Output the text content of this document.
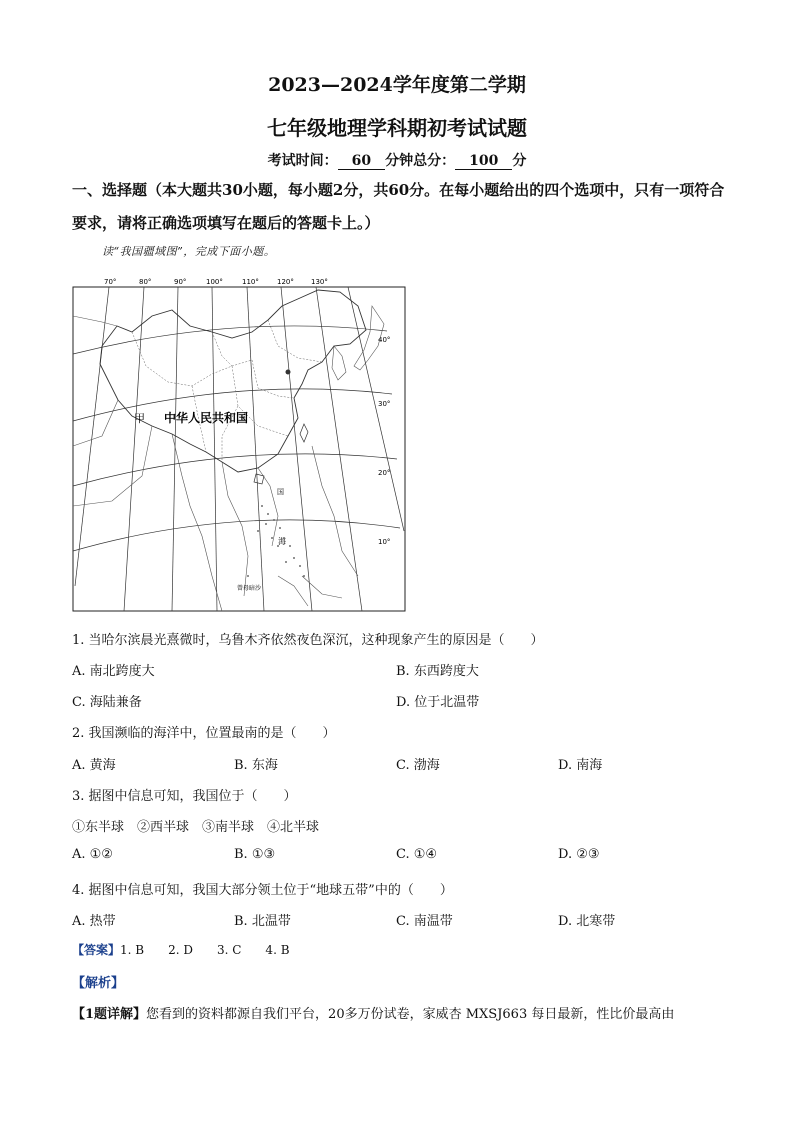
2023—2024学年度第二学期
七年级地理学科期初考试试题
考试时间： 60 分钟总分： 100 分
一、选择题（本大题共30小题，每小题2分，共60分。在每小题给出的四个选项中，只有一项符合要求，请将正确选项填写在题后的答题卡上。）
读“我国疆域图”，完成下面小题。
70°	80°	90°	100°	110°	120° 130°
40°
30°
20°
10°
甲 中华人民共和国
国
海
曾母暗沙
1. 当哈尔滨晨光熹微时，乌鲁木齐依然夜色深沉，这种现象产生的原因是（　　）
A. 南北跨度大	B. 东西跨度大
C. 海陆兼备	D. 位于北温带
2. 我国濒临的海洋中，位置最南的是（　　）
A. 黄海	B. 东海	C. 渤海	D. 南海
3. 据图中信息可知，我国位于（　　）
①东半球　②西半球　③南半球　④北半球
A. ①②	B. ①③	C. ①④	D. ②③
4. 据图中信息可知，我国大部分领土位于“地球五带”中的（　　）
A. 热带	B. 北温带	C. 南温带	D. 北寒带
【答案】1. B　　2. D　　3. C　　4. B
【解析】
【1题详解】您看到的资料都源自我们平台，20多万份试卷，家威杏 MXSJ663 每日最新，性比价最高由
